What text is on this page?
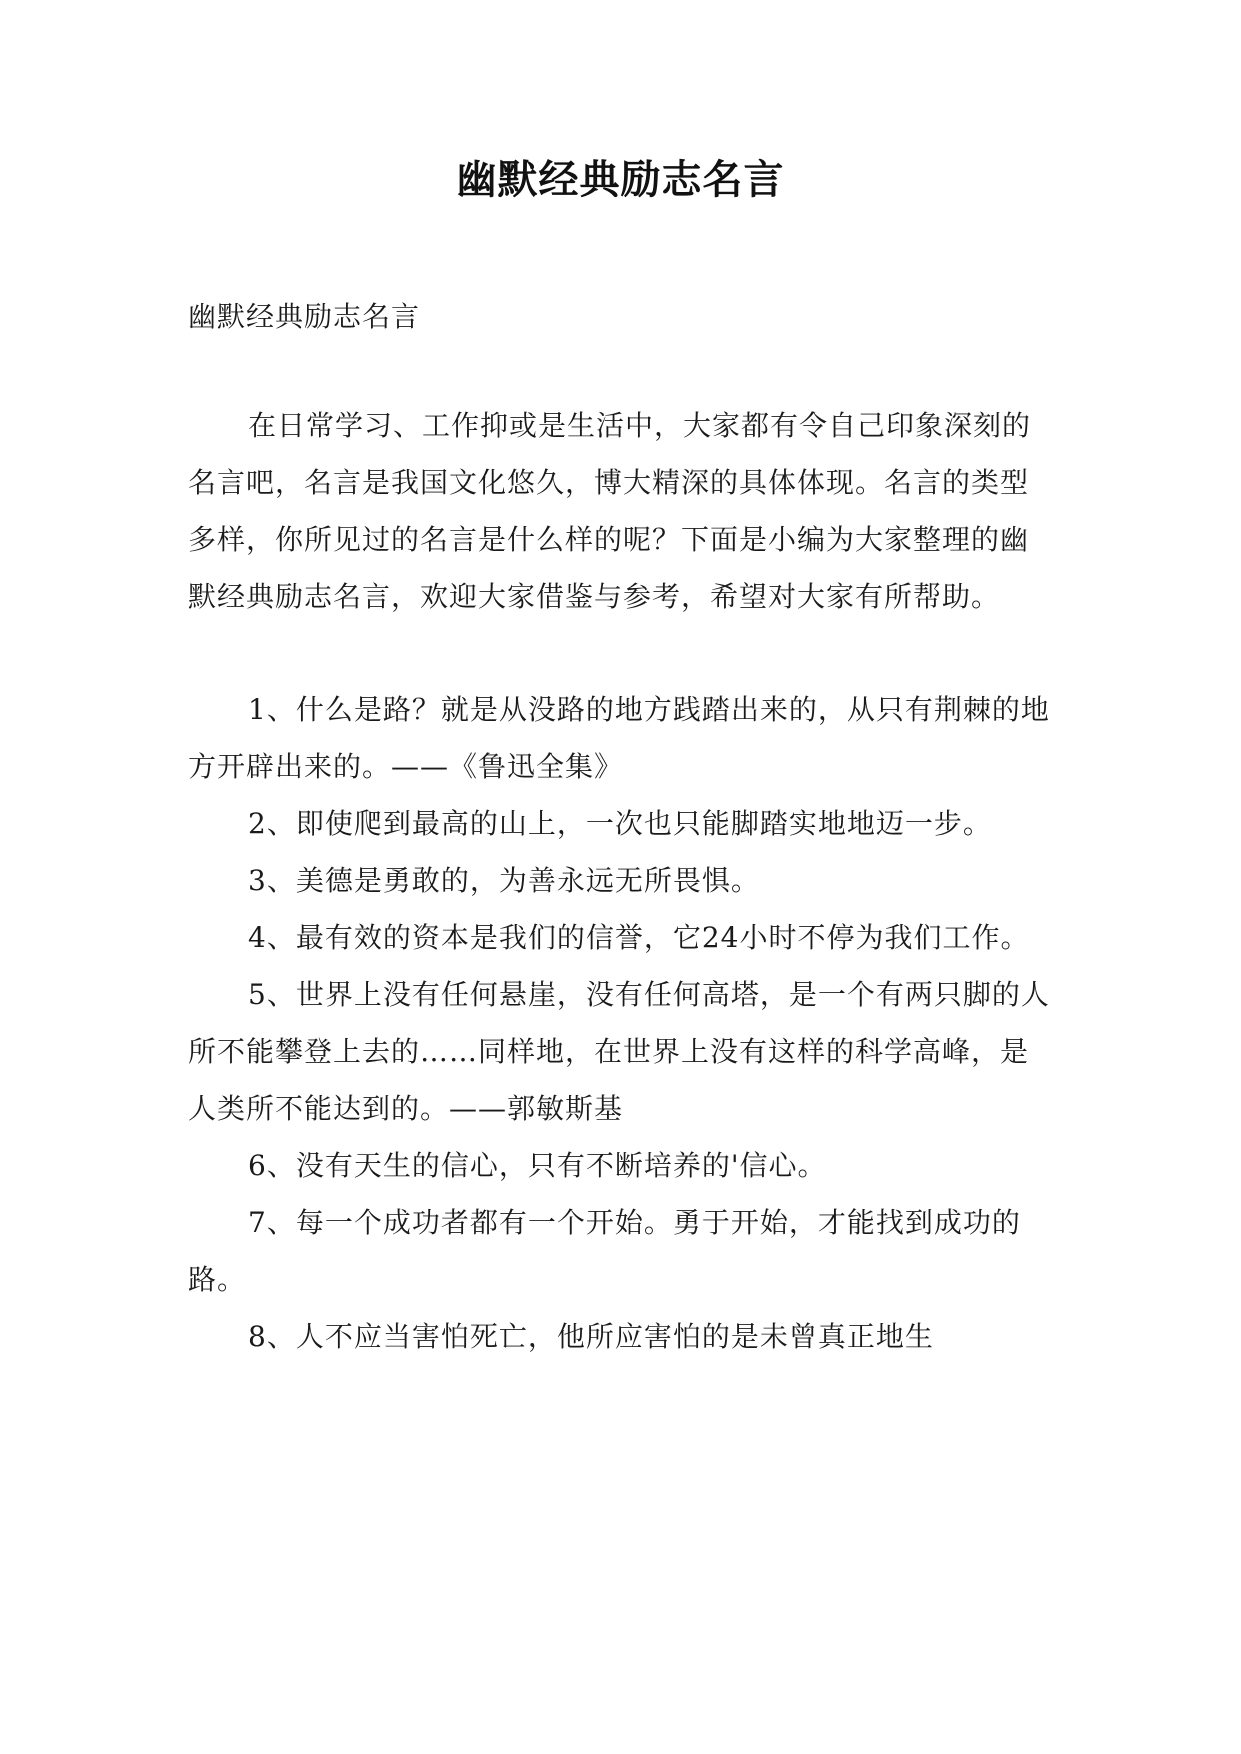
幽默经典励志名言

幽默经典励志名言

在日常学习、工作抑或是生活中，大家都有令自己印象深刻的名言吧，名言是我国文化悠久，博大精深的具体体现。名言的类型多样，你所见过的名言是什么样的呢？下面是小编为大家整理的幽默经典励志名言，欢迎大家借鉴与参考，希望对大家有所帮助。

1、什么是路？就是从没路的地方践踏出来的，从只有荆棘的地方开辟出来的。——《鲁迅全集》

2、即使爬到最高的山上，一次也只能脚踏实地地迈一步。

3、美德是勇敢的，为善永远无所畏惧。

4、最有效的资本是我们的信誉，它24小时不停为我们工作。

5、世界上没有任何悬崖，没有任何高塔，是一个有两只脚的人所不能攀登上去的……同样地，在世界上没有这样的科学高峰，是人类所不能达到的。——郭敏斯基

6、没有天生的信心，只有不断培养的'信心。

7、每一个成功者都有一个开始。勇于开始，才能找到成功的路。

8、人不应当害怕死亡，他所应害怕的是未曾真正地生
